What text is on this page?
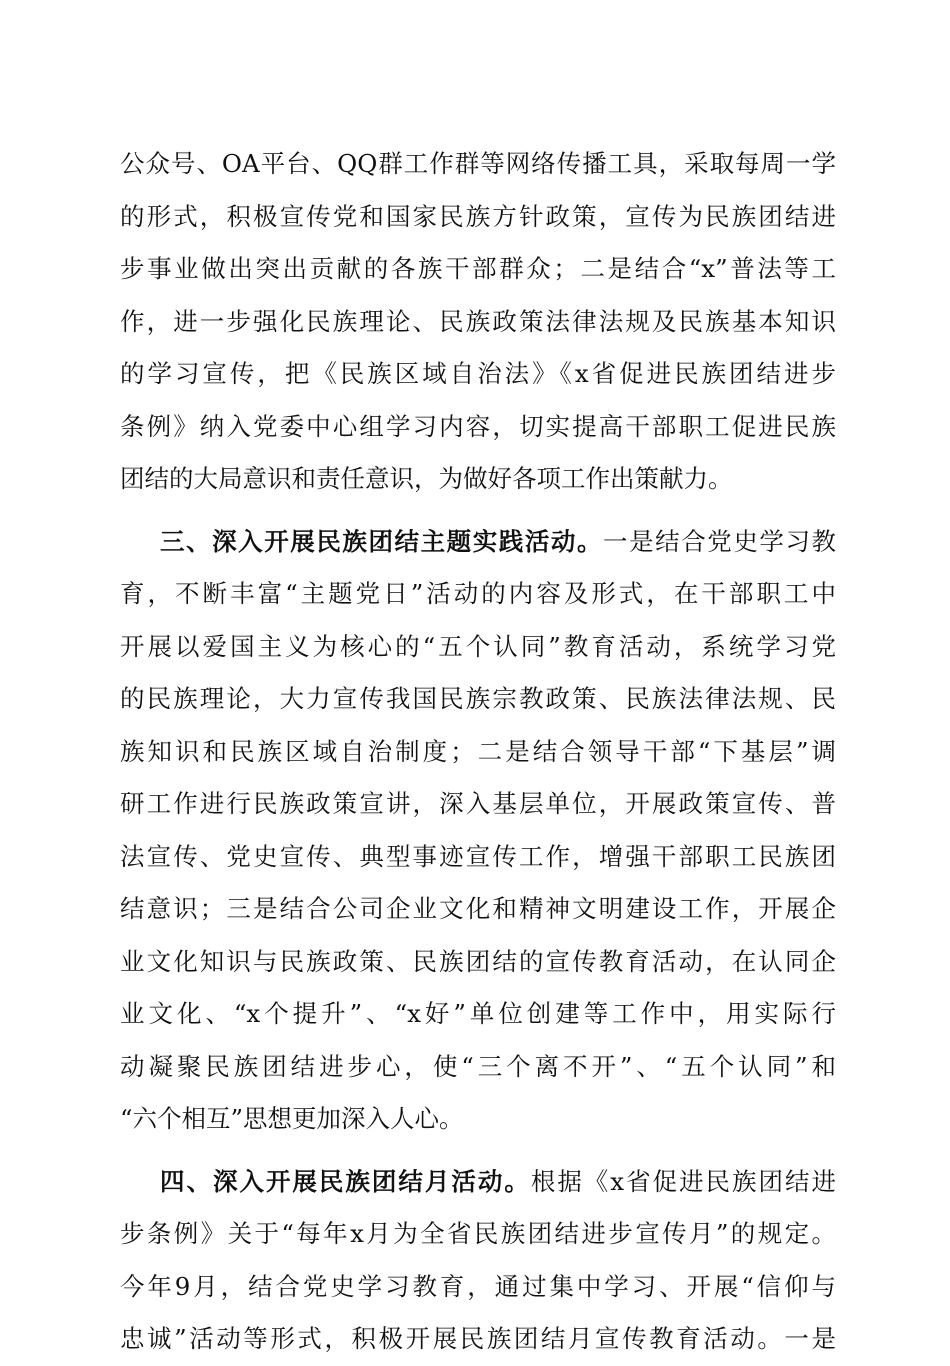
公众号、OA平台、QQ群工作群等网络传播工具，采取每周一学
的形式，积极宣传党和国家民族方针政策，宣传为民族团结进
步事业做出突出贡献的各族干部群众；二是结合“x”普法等工
作，进一步强化民族理论、民族政策法律法规及民族基本知识
的学习宣传，把《民族区域自治法》《x省促进民族团结进步
条例》纳入党委中心组学习内容，切实提高干部职工促进民族
团结的大局意识和责任意识，为做好各项工作出策献力。
三、深入开展民族团结主题实践活动。一是结合党史学习教
育，不断丰富“主题党日”活动的内容及形式，在干部职工中
开展以爱国主义为核心的“五个认同”教育活动，系统学习党
的民族理论，大力宣传我国民族宗教政策、民族法律法规、民
族知识和民族区域自治制度；二是结合领导干部“下基层”调
研工作进行民族政策宣讲，深入基层单位，开展政策宣传、普
法宣传、党史宣传、典型事迹宣传工作，增强干部职工民族团
结意识；三是结合公司企业文化和精神文明建设工作，开展企
业文化知识与民族政策、民族团结的宣传教育活动，在认同企
业文化、“x个提升”、“x好”单位创建等工作中，用实际行
动凝聚民族团结进步心，使“三个离不开”、“五个认同”和
“六个相互”思想更加深入人心。
四、深入开展民族团结月活动。根据《x省促进民族团结进
步条例》关于“每年x月为全省民族团结进步宣传月”的规定。
今年9月，结合党史学习教育，通过集中学习、开展“信仰与
忠诚”活动等形式，积极开展民族团结月宣传教育活动。一是
